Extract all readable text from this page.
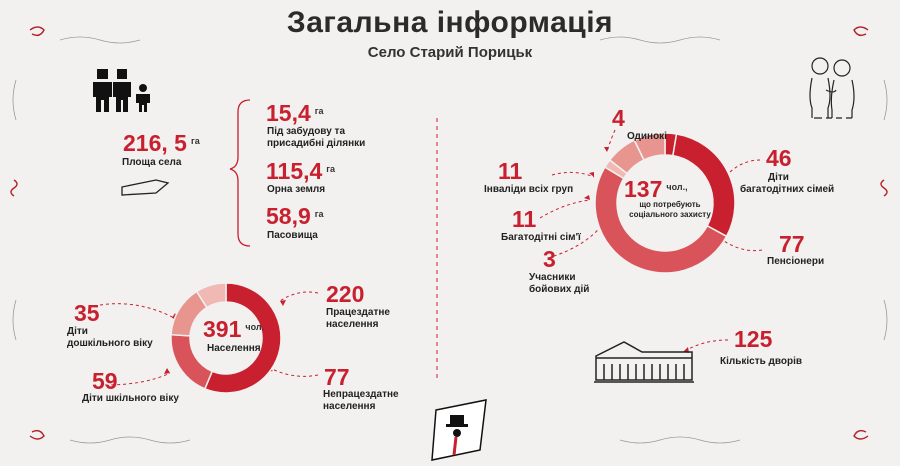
Загальна інформація
Село Старий Порицьк
216, 5 $^{га}$
Площа села
15,4 $^{га}$
Під забудову та
присадибні ділянки
115,4 $^{га}$
Орна земля
58,9 $^{га}$
Пасовища
391 $^{чол.}$
Населення
35
Діти
дошкільного віку
59
Діти шкільного віку
220
Працездатне
населення
77
Непрацездатне
населення
137 $^{чол.,}$
що потребують
соціального захисту
4
Одинокі
11
Інваліди всіх груп
11
Багатодітні сім'ї
3
Учасники
бойових дій
46
Діти
багатодітних сімей
77
Пенсіонери
125
Кількість дворів
